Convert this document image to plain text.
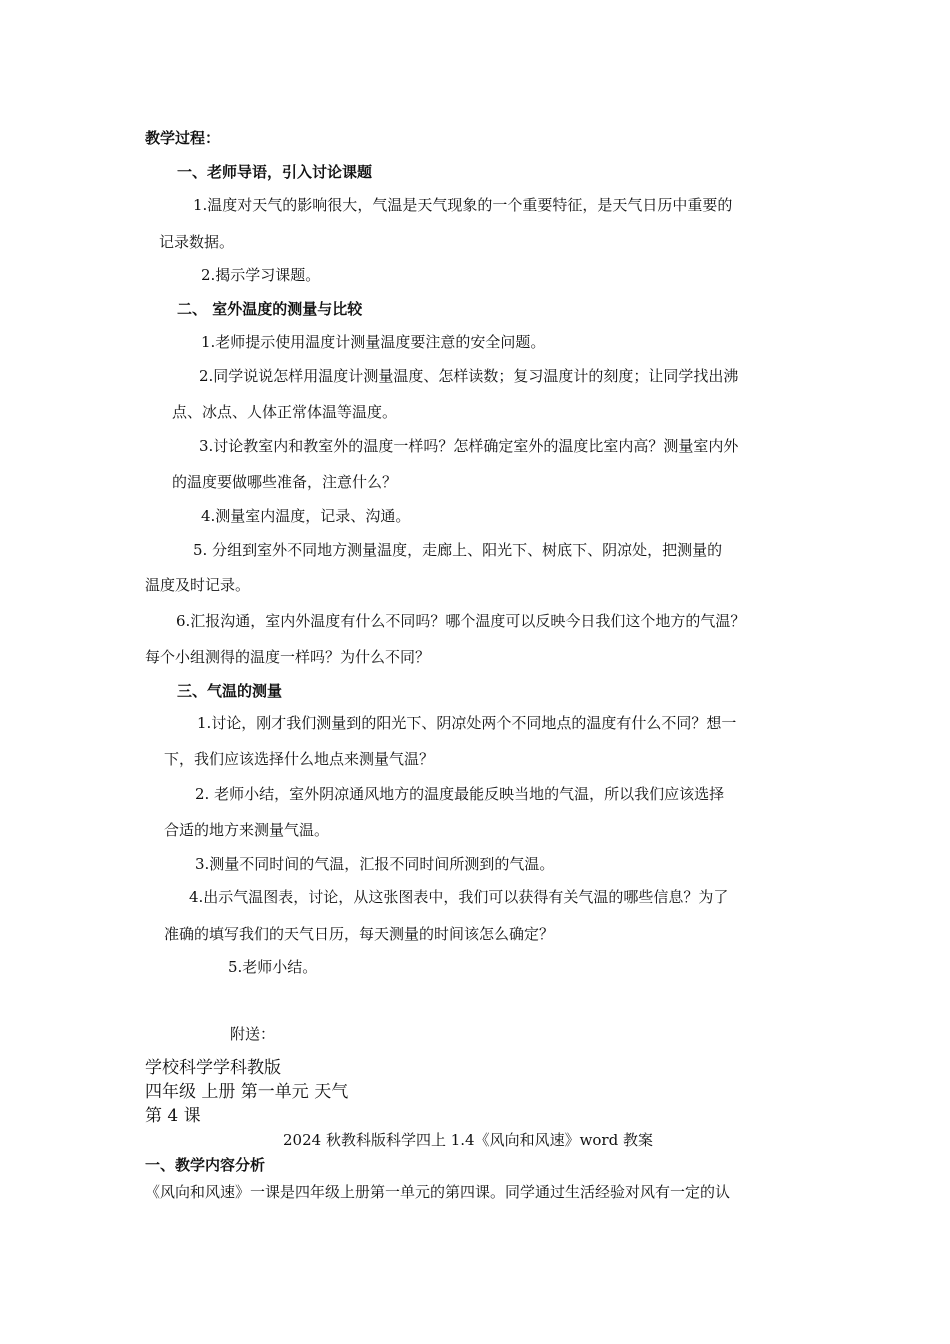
教学过程：
一、老师导语，引入讨论课题
1.温度对天气的影响很大，气温是天气现象的一个重要特征，是天气日历中重要的
记录数据。
2.揭示学习课题。
二、 室外温度的测量与比较
1.老师提示使用温度计测量温度要注意的安全问题。
2.同学说说怎样用温度计测量温度、怎样读数；复习温度计的刻度；让同学找出沸
点、冰点、人体正常体温等温度。
3.讨论教室内和教室外的温度一样吗？怎样确定室外的温度比室内高？测量室内外
的温度要做哪些准备，注意什么？
4.测量室内温度，记录、沟通。
5. 分组到室外不同地方测量温度，走廊上、阳光下、树底下、阴凉处，把测量的
温度及时记录。
6.汇报沟通，室内外温度有什么不同吗？哪个温度可以反映今日我们这个地方的气温？
每个小组测得的温度一样吗？为什么不同？
三、气温的测量
1.讨论，刚才我们测量到的阳光下、阴凉处两个不同地点的温度有什么不同？想一
下，我们应该选择什么地点来测量气温？
2. 老师小结，室外阴凉通风地方的温度最能反映当地的气温，所以我们应该选择
合适的地方来测量气温。
3.测量不同时间的气温，汇报不同时间所测到的气温。
4.出示气温图表，讨论，从这张图表中，我们可以获得有关气温的哪些信息？为了
准确的填写我们的天气日历，每天测量的时间该怎么确定？
5.老师小结。
附送：
学校科学学科教版
四年级 上册 第一单元 天气
第 4 课
2024 秋教科版科学四上 1.4《风向和风速》word 教案
一、教学内容分析
《风向和风速》一课是四年级上册第一单元的第四课。同学通过生活经验对风有一定的认
